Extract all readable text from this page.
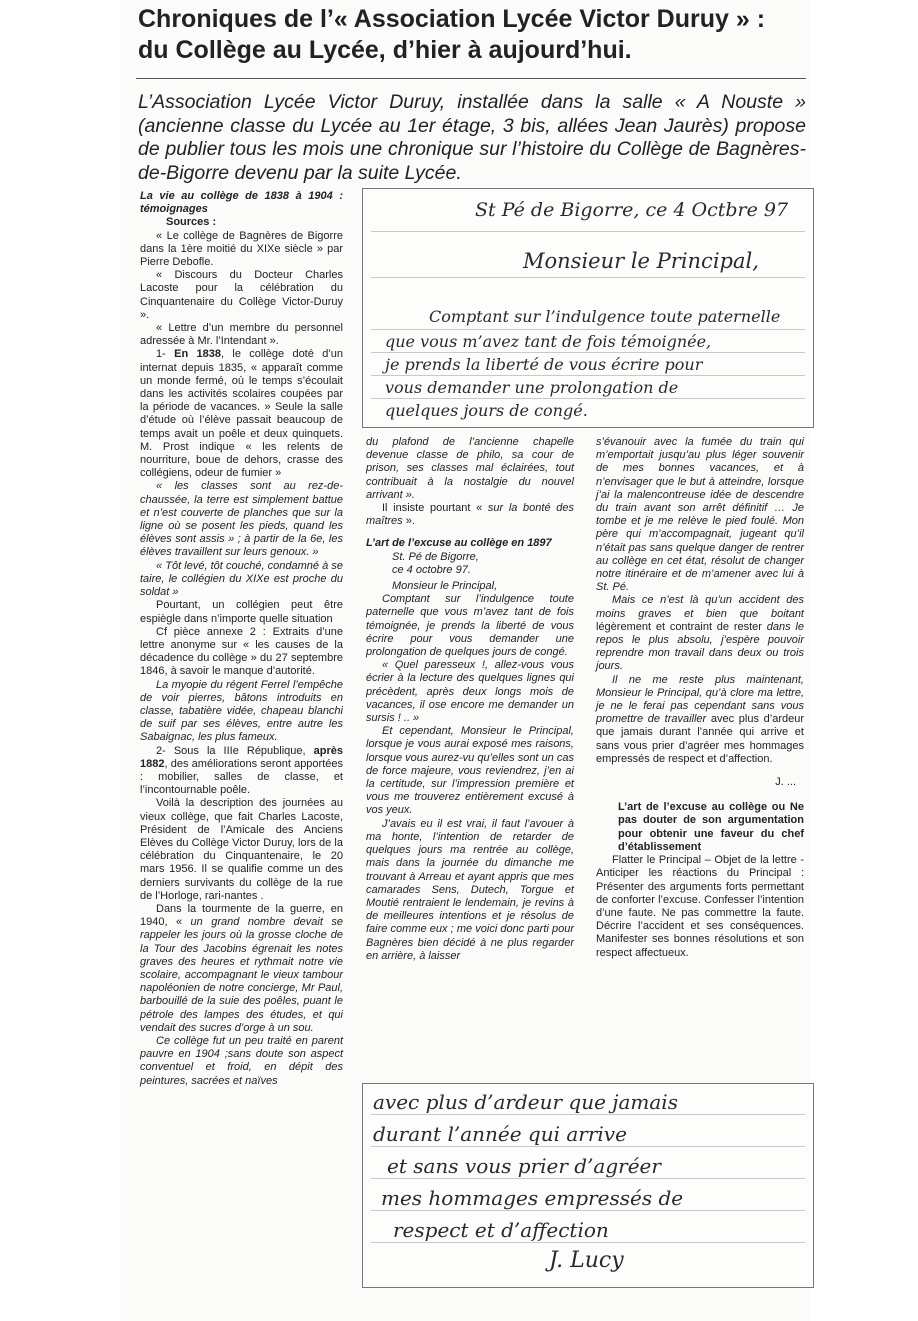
Chroniques de l’« Association Lycée Victor Duruy » :
du Collège au Lycée, d’hier à aujourd’hui.

L’Association Lycée Victor Duruy, installée dans la salle « A Nouste » (ancienne classe du Lycée au 1er étage, 3 bis, allées Jean Jaurès) propose de publier tous les mois une chronique sur l’histoire du Collège de Bagnères-de-Bigorre devenu par la suite Lycée.

La vie au collège de 1838 à 1904 : témoignages

Sources :

« Le collège de Bagnères de Bigorre dans la 1ère moitié du XIXe siècle » par Pierre Debofle.

« Discours du Docteur Charles Lacoste pour la célébration du Cinquantenaire du Collège Victor-Duruy ».

« Lettre d’un membre du personnel adressée à Mr. l’Intendant ».

1- En 1838, le collège doté d’un internat depuis 1835, « apparaît comme un monde fermé, où le temps s’écoulait dans les activités scolaires coupées par la période de vacances. » Seule la salle d’étude où l’élève passait beaucoup de temps avait un poêle et deux quinquets. M. Prost indique « les relents de nourriture, boue de dehors, crasse des collégiens, odeur de fumier »

« les classes sont au rez-de-chaussée, la terre est simplement battue et n’est couverte de planches que sur la ligne où se posent les pieds, quand les élèves sont assis » ; à partir de la 6e, les élèves travaillent sur leurs genoux. »

« Tôt levé, tôt couché, condamné à se taire, le collégien du XIXe est proche du soldat »

Pourtant, un collégien peut être espiègle dans n’importe quelle situation

Cf pièce annexe 2 : Extraits d’une lettre anonyme sur « les causes de la décadence du collège » du 27 septembre 1846, à savoir le manque d’autorité.

La myopie du régent Ferrel l’empêche de voir pierres, bâtons introduits en classe, tabatière vidée, chapeau blanchi de suif par ses élèves, entre autre les Sabaignac, les plus fameux.

2- Sous la IIIe République, après 1882, des améliorations seront apportées : mobilier, salles de classe, et l’incontournable poêle.

Voilà la description des journées au vieux collège, que fait Charles Lacoste, Président de l’Amicale des Anciens Elèves du Collège Victor Duruy, lors de la célébration du Cinquantenaire, le 20 mars 1956. Il se qualifie comme un des derniers survivants du collège de la rue de l’Horloge, rari-nantes .

Dans la tourmente de la guerre, en 1940, « un grand nombre devait se rappeler les jours où la grosse cloche de la Tour des Jacobins égrenait les notes graves des heures et rythmait notre vie scolaire, accompagnant le vieux tambour napoléonien de notre concierge, Mr Paul, barbouillé de la suie des poêles, puant le pétrole des lampes des études, et qui vendait des sucres d’orge à un sou.

Ce collège fut un peu traité en parent pauvre en 1904 ;sans doute son aspect conventuel et froid, en dépit des peintures, sacrées et naïves

St Pé de Bigorre, ce 4 Octbre 97
Monsieur le Principal,
Comptant sur l’indulgence toute paternelle
que vous m’avez tant de fois témoignée,
je prends la liberté de vous écrire pour
vous demander une prolongation de
quelques jours de congé.

du plafond de l’ancienne chapelle devenue classe de philo, sa cour de prison, ses classes mal éclairées, tout contribuait à la nostalgie du nouvel arrivant ».

Il insiste pourtant « sur la bonté des maîtres ».

L’art de l’excuse au collège en 1897

St. Pé de Bigorre,

ce 4 octobre 97.

Monsieur le Principal,

Comptant sur l’indulgence toute paternelle que vous m’avez tant de fois témoignée, je prends la liberté de vous écrire pour vous demander une prolongation de quelques jours de congé.

« Quel paresseux !, allez-vous vous écrier à la lecture des quelques lignes qui précèdent, après deux longs mois de vacances, il ose encore me demander un sursis ! .. »

Et cependant, Monsieur le Principal, lorsque je vous aurai exposé mes raisons, lorsque vous aurez-vu qu’elles sont un cas de force majeure, vous reviendrez, j’en ai la certitude, sur l’impression première et vous me trouverez entièrement excusé à vos yeux.

J’avais eu il est vrai, il faut l’avouer à ma honte, l’intention de retarder de quelques jours ma rentrée au collège, mais dans la journée du dimanche me trouvant à Arreau et ayant appris que mes camarades Sens, Dutech, Torgue et Moutié rentraient le lendemain, je revins à de meilleures intentions et je résolus de faire comme eux ; me voici donc parti pour Bagnères bien décidé à ne plus regarder en arrière, à laisser

s’évanouir avec la fumée du train qui m’emportait jusqu’au plus léger souvenir de mes bonnes vacances, et à n’envisager que le but à atteindre, lorsque j’ai la malencontreuse idée de descendre du train avant son arrêt définitif … Je tombe et je me relève le pied foulé. Mon père qui m’accompagnait, jugeant qu’il n’était pas sans quelque danger de rentrer au collège en cet état, résolut de changer notre itinéraire et de m’amener avec lui à St. Pé.

Mais ce n’est là qu’un accident des moins graves et bien que boitant légèrement et contraint de rester dans le repos le plus absolu, j’espère pouvoir reprendre mon travail dans deux ou trois jours.

Il ne me reste plus maintenant, Monsieur le Principal, qu’à clore ma lettre, je ne le ferai pas cependant sans vous promettre de travailler avec plus d’ardeur que jamais durant l’année qui arrive et sans vous prier d’agréer mes hommages empressés de respect et d’affection.

J. ...

L’art de l’excuse au collège ou Ne pas douter de son argumentation pour obtenir une faveur du chef d’établissement

Flatter le Principal – Objet de la lettre - Anticiper les réactions du Principal : Présenter des arguments forts permettant de conforter l’excuse. Confesser l’intention d’une faute. Ne pas commettre la faute. Décrire l’accident et ses conséquences. Manifester ses bonnes résolutions et son respect affectueux.

avec plus d’ardeur que jamais
durant l’année qui arrive
et sans vous prier d’agréer
mes hommages empressés de
respect et d’affection
J. Lucy
